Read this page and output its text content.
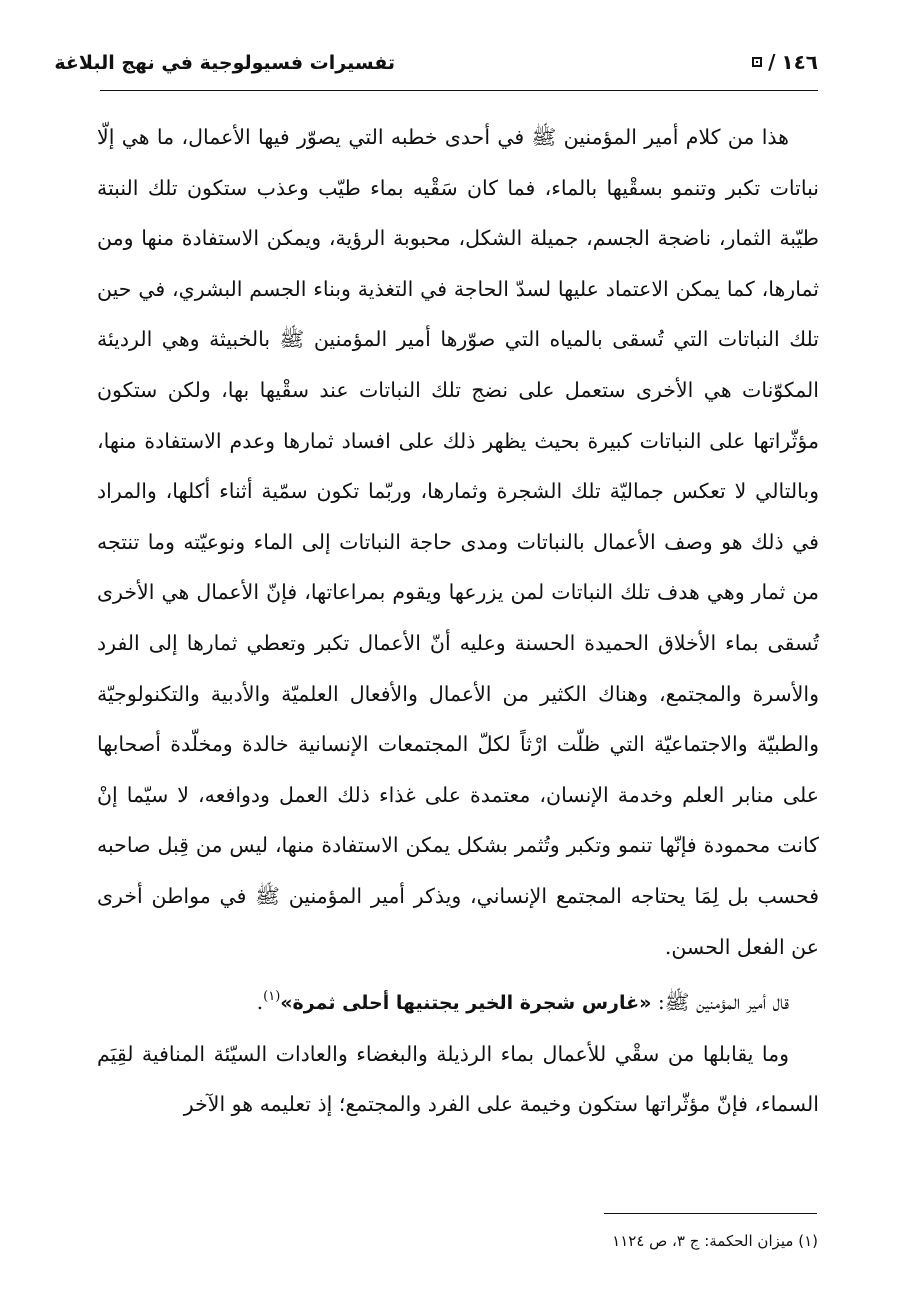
١٤٦
/
تفسيرات فسيولوجية في نهج البلاغة

هذا من كلام أمير المؤمنين ﷺ في أحدى خطبه التي يصوّر فيها الأعمال، ما هي إلّا نباتات تكبر وتنمو بسقْيها بالماء، فما كان سَقْيه بماء طيّب وعذب ستكون تلك النبتة طيّبة الثمار، ناضجة الجسم، جميلة الشكل، محبوبة الرؤية، ويمكن الاستفادة منها ومن ثمارها، كما يمكن الاعتماد عليها لسدّ الحاجة في التغذية وبناء الجسم البشري، في حين تلك النباتات التي تُسقى بالمياه التي صوّرها أمير المؤمنين ﷺ بالخبيثة وهي الرديئة المكوّنات هي الأخرى ستعمل على نضج تلك النباتات عند سقْيها بها، ولكن ستكون مؤثّراتها على النباتات كبيرة بحيث يظهر ذلك على افساد ثمارها وعدم الاستفادة منها، وبالتالي لا تعكس جماليّة تلك الشجرة وثمارها، وربّما تكون سمّية أثناء أكلها، والمراد في ذلك هو وصف الأعمال بالنباتات ومدى حاجة النباتات إلى الماء ونوعيّته وما تنتجه من ثمار وهي هدف تلك النباتات لمن يزرعها ويقوم بمراعاتها، فإنّ الأعمال هي الأخرى تُسقى بماء الأخلاق الحميدة الحسنة وعليه أنّ الأعمال تكبر وتعطي ثمارها إلى الفرد والأسرة والمجتمع، وهناك الكثير من الأعمال والأفعال العلميّة والأدبية والتكنولوجيّة والطبيّة والاجتماعيّة التي ظلّت ارْثاً لكلّ المجتمعات الإنسانية خالدة ومخلّدة أصحابها على منابر العلم وخدمة الإنسان، معتمدة على غذاء ذلك العمل ودوافعه، لا سيّما إنْ كانت محمودة فإنّها تنمو وتكبر وتُثمر بشكل يمكن الاستفادة منها، ليس من قِبل صاحبه فحسب بل لِمَا يحتاجه المجتمع الإنساني، ويذكر أمير المؤمنين ﷺ في مواطن أخرى عن الفعل الحسن.

قال أمير المؤمنين ﷺ: «غارس شجرة الخير يجتنيها أحلى ثمرة»$^{(١)}$.

وما يقابلها من سقْي للأعمال بماء الرذيلة والبغضاء والعادات السيّئة المنافية لقِيَم السماء، فإنّ مؤثّراتها ستكون وخيمة على الفرد والمجتمع؛ إذ تعليمه هو الآخر

(١) ميزان الحكمة: ج ٣، ص ١١٢٤
